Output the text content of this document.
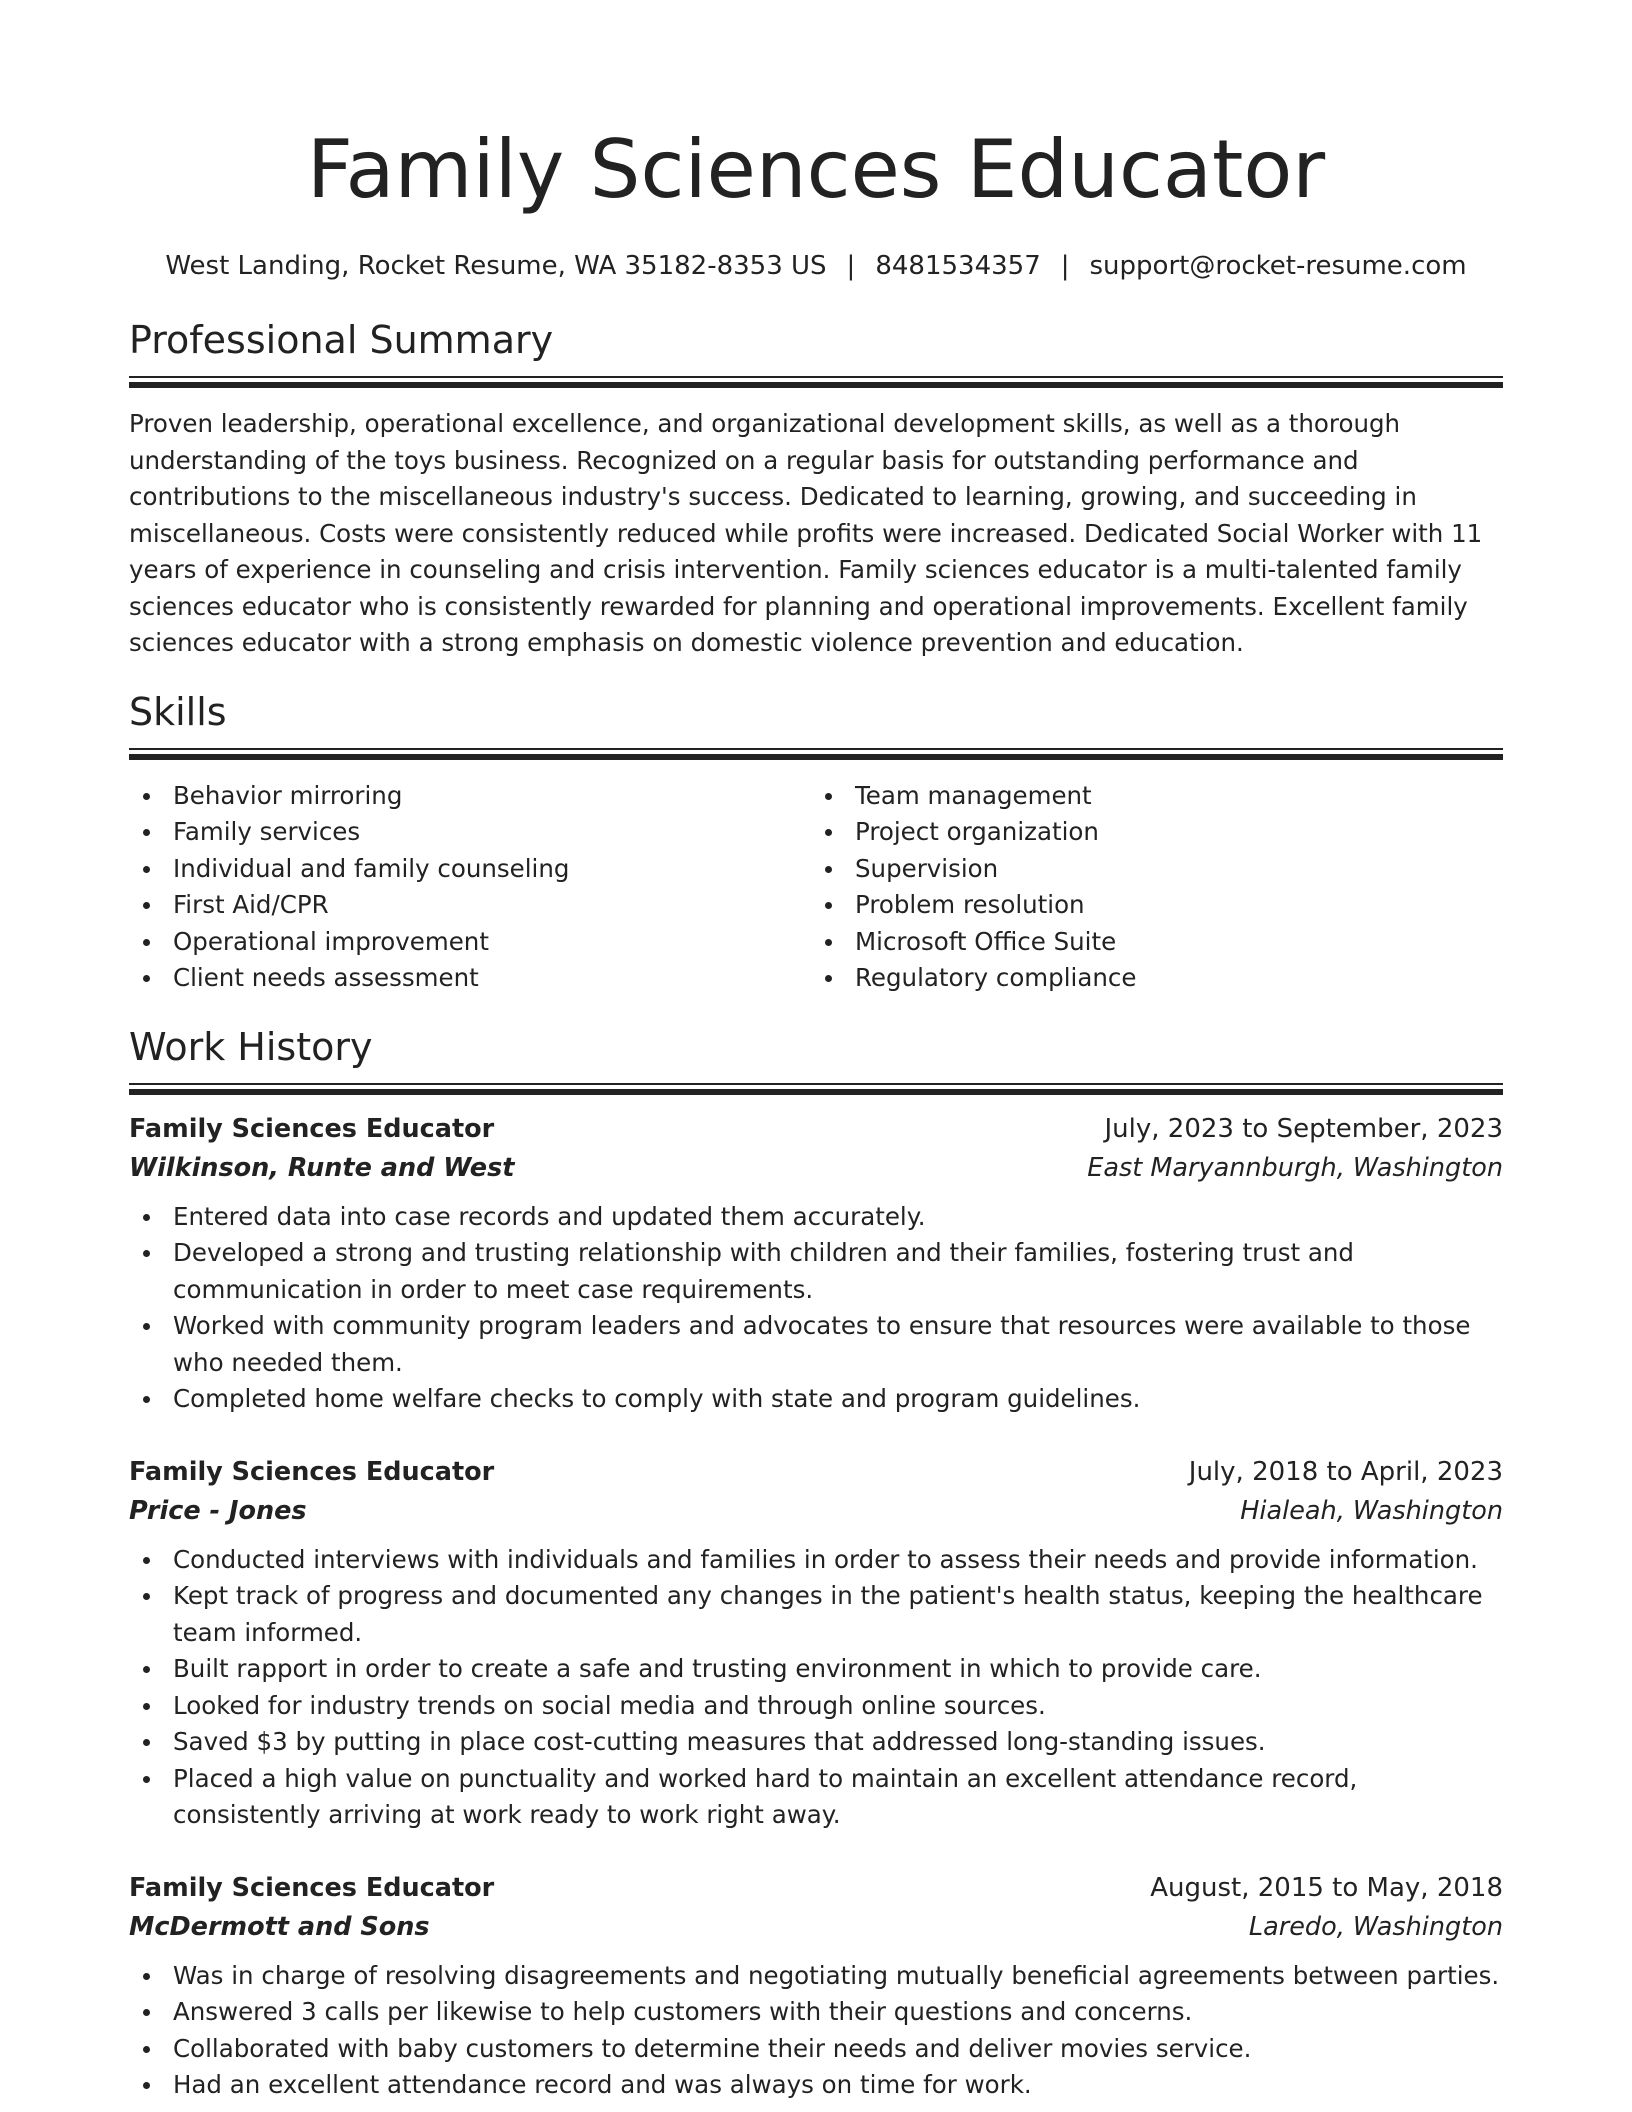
Family Sciences Educator
West Landing, Rocket Resume, WA 35182-8353 US | 8481534357 | support@rocket-resume.com
Professional Summary

Proven leadership, operational excellence, and organizational development skills, as well as a thorough understanding of the toys business. Recognized on a regular basis for outstanding performance and contributions to the miscellaneous industry's success. Dedicated to learning, growing, and succeeding in miscellaneous. Costs were consistently reduced while profits were increased. Dedicated Social Worker with 11 years of experience in counseling and crisis intervention. Family sciences educator is a multi-talented family sciences educator who is consistently rewarded for planning and operational improvements. Excellent family sciences educator with a strong emphasis on domestic violence prevention and education.

Skills
Behavior mirroring
Family services
Individual and family counseling
First Aid/CPR
Operational improvement
Client needs assessment
Team management
Project organization
Supervision
Problem resolution
Microsoft Office Suite
Regulatory compliance
Work History
Family Sciences Educator	July, 2023 to September, 2023
Wilkinson, Runte and West	East Maryannburgh, Washington
Entered data into case records and updated them accurately.
Developed a strong and trusting relationship with children and their families, fostering trust and communication in order to meet case requirements.
Worked with community program leaders and advocates to ensure that resources were available to those who needed them.
Completed home welfare checks to comply with state and program guidelines.
Family Sciences Educator	July, 2018 to April, 2023
Price - Jones	Hialeah, Washington
Conducted interviews with individuals and families in order to assess their needs and provide information.
Kept track of progress and documented any changes in the patient's health status, keeping the healthcare team informed.
Built rapport in order to create a safe and trusting environment in which to provide care.
Looked for industry trends on social media and through online sources.
Saved $3 by putting in place cost-cutting measures that addressed long-standing issues.
Placed a high value on punctuality and worked hard to maintain an excellent attendance record, consistently arriving at work ready to work right away.
Family Sciences Educator	August, 2015 to May, 2018
McDermott and Sons	Laredo, Washington
Was in charge of resolving disagreements and negotiating mutually beneficial agreements between parties.
Answered 3 calls per likewise to help customers with their questions and concerns.
Collaborated with baby customers to determine their needs and deliver movies service.
Had an excellent attendance record and was always on time for work.
